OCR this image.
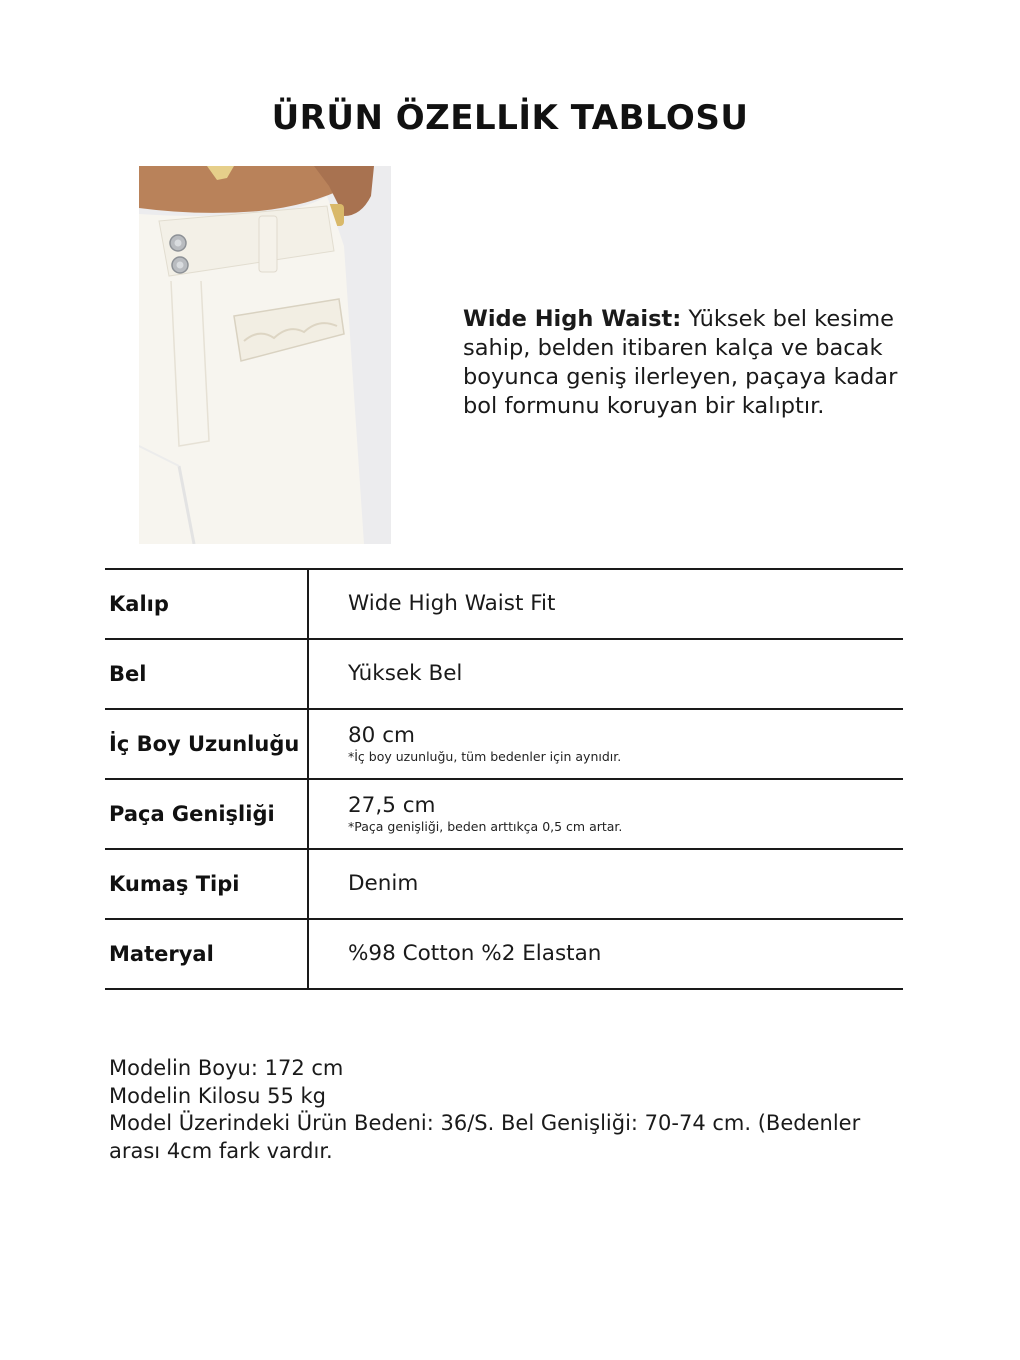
ÜRÜN ÖZELLİK TABLOSU
Wide High Waist: Yüksek bel kesime sahip, belden itibaren kalça ve bacak boyunca geniş ilerleyen, paçaya kadar bol formunu koruyan bir kalıptır.
Kalıp	Wide High Waist Fit
Bel	Yüksek Bel
İç Boy Uzunluğu	80 cm
*İç boy uzunluğu, tüm bedenler için aynıdır.
Paça Genişliği	27,5 cm
*Paça genişliği, beden arttıkça 0,5 cm artar.
Kumaş Tipi	Denim
Materyal	%98 Cotton %2 Elastan
Modelin Boyu: 172 cm
Modelin Kilosu 55 kg
Model Üzerindeki Ürün Bedeni: 36/S. Bel Genişliği: 70-74 cm. (Bedenler
arası 4cm fark vardır.
